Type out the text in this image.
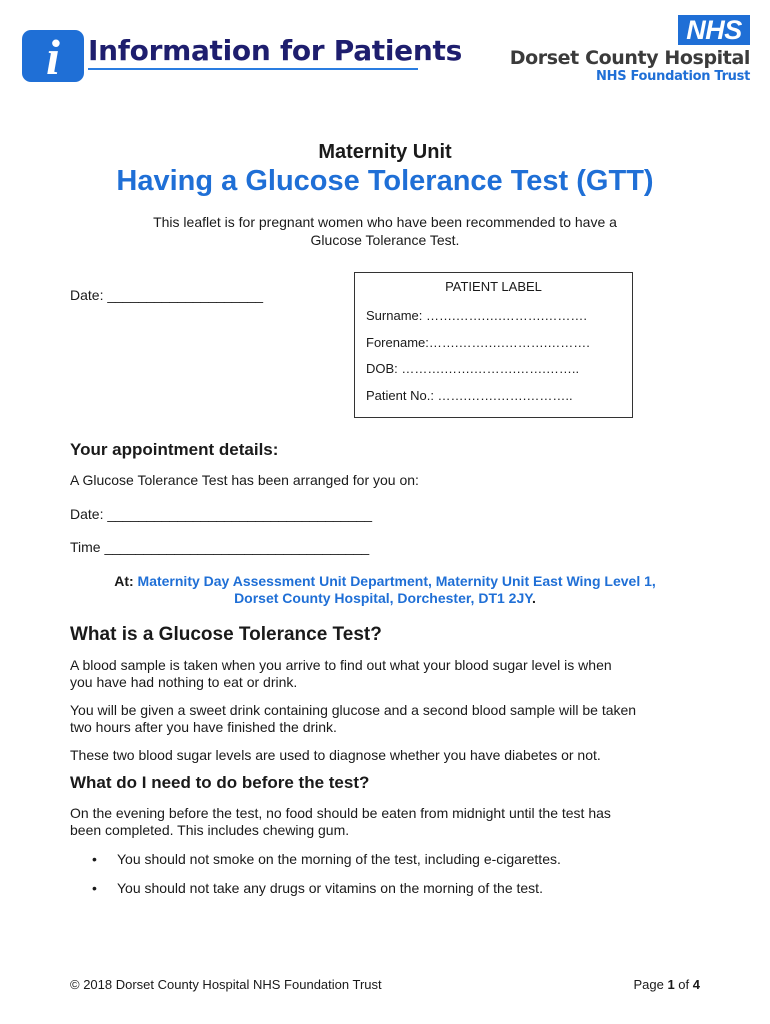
i Information for Patients
NHS
Dorset County Hospital
NHS Foundation Trust
Maternity Unit
Having a Glucose Tolerance Test (GTT)
This leaflet is for pregnant women who have been recommended to have a
Glucose Tolerance Test.
Date: ____________________
PATIENT LABEL
Surname: …….…….….……….……….
Forename:…….…….….……….……….
DOB: ……….…….……….…….……..
Patient No.: …….…….…….………..
Your appointment details:
A Glucose Tolerance Test has been arranged for you on:
Date: __________________________________
Time __________________________________
At: Maternity Day Assessment Unit Department, Maternity Unit East Wing Level 1,
Dorset County Hospital, Dorchester, DT1 2JY.
What is a Glucose Tolerance Test?
A blood sample is taken when you arrive to find out what your blood sugar level is when
you have had nothing to eat or drink.
You will be given a sweet drink containing glucose and a second blood sample will be taken
two hours after you have finished the drink.
These two blood sugar levels are used to diagnose whether you have diabetes or not.
What do I need to do before the test?
On the evening before the test, no food should be eaten from midnight until the test has
been completed. This includes chewing gum.
• You should not smoke on the morning of the test, including e-cigarettes.
• You should not take any drugs or vitamins on the morning of the test.
© 2018 Dorset County Hospital NHS Foundation Trust	Page 1 of 4
